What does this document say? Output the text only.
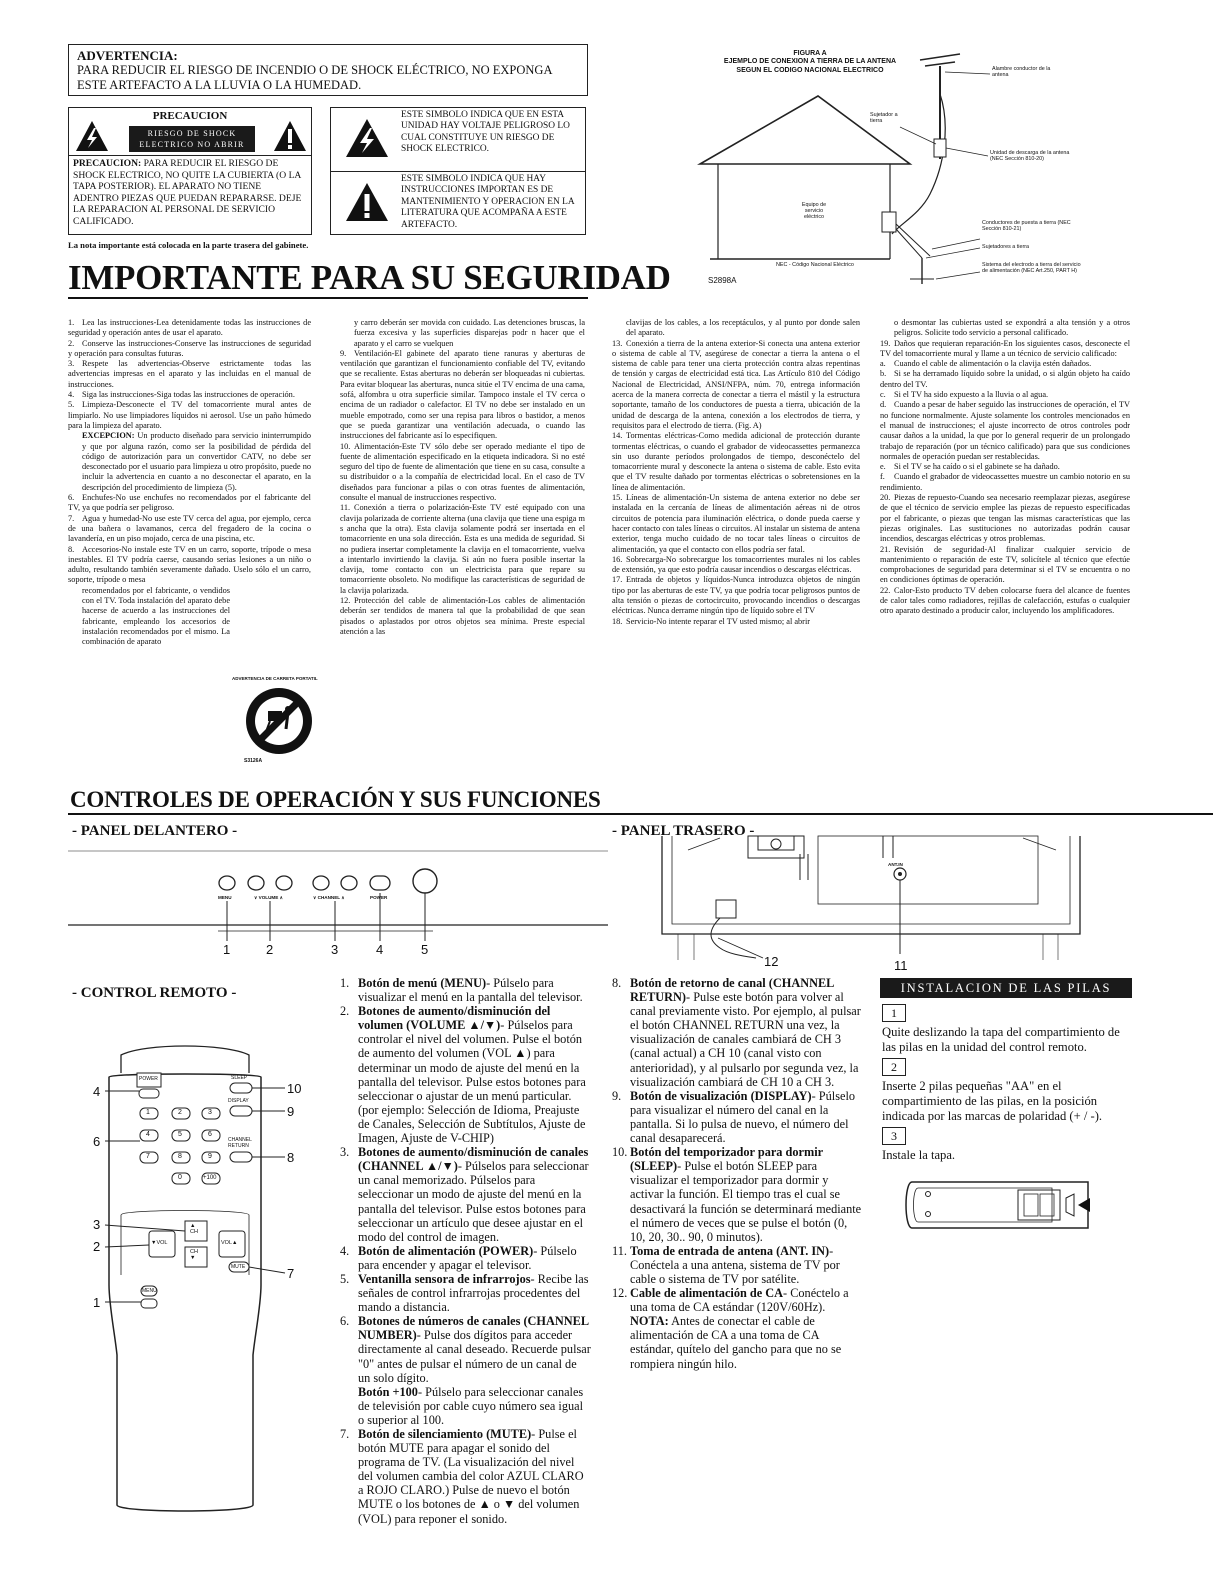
ADVERTENCIA:
PARA REDUCIR EL RIESGO DE INCENDIO O DE SHOCK ELÉCTRICO, NO EXPONGA
ESTE ARTEFACTO A LA LLUVIA O LA HUMEDAD.
PRECAUCION
RIESGO DE SHOCK
ELECTRICO NO ABRIR
PRECAUCION: PARA REDUCIR EL RIESGO DE SHOCK ELECTRICO, NO QUITE LA CUBIERTA (O LA TAPA POSTERIOR). EL APARATO NO TIENE ADENTRO PIEZAS QUE PUEDAN REPARARSE. DEJE LA REPARACION AL PERSONAL DE SERVICIO CALIFICADO.
ESTE SIMBOLO INDICA QUE EN ESTA UNIDAD HAY VOLTAJE PELIGROSO LO CUAL CONSTITUYE UN RIESGO DE SHOCK ELECTRICO.
ESTE SIMBOLO INDICA QUE HAY INSTRUCCIONES IMPORTAN ES DE MANTENIMIENTO Y OPERACION EN LA LITERATURA QUE ACOMPAÑA A ESTE ARTEFACTO.
La nota importante está colocada en la parte trasera del gabinete.
IMPORTANTE PARA SU SEGURIDAD
FIGURA A
EJEMPLO DE CONEXION A TIERRA DE LA ANTENA
SEGUN EL CODIGO NACIONAL ELECTRICO	Alambre conductor de la antena
Sujetador a tierra
Unidad de descarga de la antena (NEC Sección 810-20)
Equipo de servicio eléctrico
Conductores de puesta a tierra (NEC Sección 810-21)
Sujetadores a tierra
Sistema del electrodo a tierra del servicio de alimentación (NEC Art.250, PART H)
NEC - Código Nacional Eléctrico
S2898A

1. Lea las instrucciones-Lea detenidamente todas las instrucciones de seguridad y operación antes de usar el aparato.

2. Conserve las instrucciones-Conserve las instrucciones de seguridad y operación para consultas futuras.

3. Respete las advertencias-Observe estrictamente todas las advertencias impresas en el aparato y las incluidas en el manual de instrucciones.

4. Siga las instrucciones-Siga todas las instrucciones de operación.

5. Limpieza-Desconecte el TV del tomacorriente mural antes de limpiarlo. No use limpiadores líquidos ni aerosol. Use un paño húmedo para la limpieza del aparato.

EXCEPCION: Un producto diseñado para servicio ininterrumpido y que por alguna razón, como ser la posibilidad de pérdida del código de autorización para un convertidor CATV, no debe ser desconectado por el usuario para limpieza u otro propósito, puede no incluir la advertencia en cuanto a no desconectar el aparato, en la descripción del procedimiento de limpieza (5).

6. Enchufes-No use enchufes no recomendados por el fabricante del TV, ya que podría ser peligroso.

7. Agua y humedad-No use este TV cerca del agua, por ejemplo, cerca de una bañera o lavamanos, cerca del fregadero de la cocina o lavandería, en un piso mojado, cerca de una piscina, etc.

8. Accesorios-No instale este TV en un carro, soporte, trípode o mesa inestables. El TV podría caerse, causando serias lesiones a un niño o adulto, resultando también severamente dañado. Uselo sólo el un carro, soporte, trípode o mesa

recomendados por el fabricante, o vendidos con el TV. Toda instalación del aparato debe hacerse de acuerdo a las instrucciones del fabricante, empleando los accesorios de instalación recomendados por el mismo. La combinación de aparato

ADVERTENCIA DE CARRETA PORTATIL
S3126A

y carro deberán ser movida con cuidado. Las detenciones bruscas, la fuerza excesiva y las superficies disparejas podr n hacer que el aparato y el carro se vuelquen

9. Ventilación-El gabinete del aparato tiene ranuras y aberturas de ventilación que garantizan el funcionamiento confiable del TV, evitando que se recaliente. Estas aberturas no deberán ser bloqueadas ni cubiertas. Para evitar bloquear las aberturas, nunca sitúe el TV encima de una cama, sofá, alfombra u otra superficie similar. Tampoco instale el TV cerca o encima de un radiador o calefactor. El TV no debe ser instalado en un mueble empotrado, como ser una repisa para libros o bastidor, a menos que se pueda garantizar una ventilación adecuada, o cuando las instrucciones del fabricante así lo especifiquen.

10. Alimentación-Este TV sólo debe ser operado mediante el tipo de fuente de alimentación especificado en la etiqueta indicadora. Si no esté seguro del tipo de fuente de alimentación que tiene en su casa, consulte a su distribuidor o a la compañía de electricidad local. En el caso de TV diseñados para funcionar a pilas o con otras fuentes de alimentación, consulte el manual de instrucciones respectivo.

11. Conexión a tierra o polarización-Este TV esté equipado con una clavija polarizada de corriente alterna (una clavija que tiene una espiga m s ancha que la otra). Esta clavija solamente podrá ser insertada en el tomacorriente en una sola dirección. Esta es una medida de seguridad. Si no pudiera insertar completamente la clavija en el tomacorriente, vuelva a intentarlo invirtiendo la clavija. Si aún no fuera posible insertar la clavija, tome contacto con un electricista para que repare su tomacorriente obsoleto. No modifique las características de seguridad de la clavija polarizada.

12. Protección del cable de alimentación-Los cables de alimentación deberán ser tendidos de manera tal que la probabilidad de que sean pisados o aplastados por otros objetos sea mínima. Preste especial atención a las

clavijas de los cables, a los receptáculos, y al punto por donde salen del aparato.

13. Conexión a tierra de la antena exterior-Si conecta una antena exterior o sistema de cable al TV, asegúrese de conectar a tierra la antena o el sistema de cable para tener una cierta protección contra alzas repentinas de tensión y cargas de electricidad está tica. Las Artículo 810 del Código Nacional de Electricidad, ANSI/NFPA, núm. 70, entrega información acerca de la manera correcta de conectar a tierra el mástil y la estructura soportante, tamaño de los conductores de puesta a tierra, ubicación de la unidad de descarga de la antena, conexión a los electrodos de tierra, y requisitos para el electrodo de tierra. (Fig. A)

14. Tormentas eléctricas-Como medida adicional de protección durante tormentas eléctricas, o cuando el grabador de videocassettes permanezca sin uso durante períodos prolongados de tiempo, desconéctelo del tomacorriente mural y desconecte la antena o sistema de cable. Esto evita que el TV resulte dañado por tormentas eléctricas o sobretensiones en la línea de alimentación.

15. Líneas de alimentación-Un sistema de antena exterior no debe ser instalada en la cercanía de líneas de alimentación aéreas ni de otros circuitos de potencia para iluminación eléctrica, o donde pueda caerse y hacer contacto con tales líneas o circuitos. Al instalar un sistema de antena exterior, tenga mucho cuidado de no tocar tales líneas o circuitos de alimentación, ya que el contacto con ellos podría ser fatal.

16. Sobrecarga-No sobrecargue los tomacorrientes murales ni los cables de extensión, ya que esto podría causar incendios o descargas eléctricas.

17. Entrada de objetos y líquidos-Nunca introduzca objetos de ningún tipo por las aberturas de este TV, ya que podría tocar peligrosos puntos de alta tensión o piezas de cortocircuito, provocando incendios o descargas eléctricas. Nunca derrame ningún tipo de líquido sobre el TV

18. Servicio-No intente reparar el TV usted mismo; al abrir

o desmontar las cubiertas usted se expondrá a alta tensión y a otros peligros. Solicite todo servicio a personal calificado.

19. Daños que requieran reparación-En los siguientes casos, desconecte el TV del tomacorriente mural y llame a un técnico de servicio calificado:

a. Cuando el cable de alimentación o la clavija estén dañados.

b. Si se ha derramado líquido sobre la unidad, o si algún objeto ha caído dentro del TV.

c. Si el TV ha sido expuesto a la lluvia o al agua.

d. Cuando a pesar de haber seguido las instrucciones de operación, el TV no funcione normalmente. Ajuste solamente los controles mencionados en el manual de instrucciones; el ajuste incorrecto de otros controles podr causar daños a la unidad, la que por lo general requerir de un prolongado trabajo de reparación (por un técnico calificado) para que sus condiciones normales de operación puedan ser restablecidas.

e. Si el TV se ha caído o si el gabinete se ha dañado.

f. Cuando el grabador de videocassettes muestre un cambio notorio en su rendimiento.

20. Piezas de repuesto-Cuando sea necesario reemplazar piezas, asegúrese de que el técnico de servicio emplee las piezas de repuesto especificadas por el fabricante, o piezas que tengan las mismas características que las piezas originales. Las sustituciones no autorizadas podrán causar incendios, descargas eléctricas y otros problemas.

21. Revisión de seguridad-Al finalizar cualquier servicio de mantenimiento o reparación de este TV, solicítele al técnico que efectúe comprobaciones de seguridad para determinar si el TV se encuentra o no en condiciones óptimas de operación.

22. Calor-Esto producto TV deben colocarse fuera del alcance de fuentes de calor tales como radiadores, rejillas de calefacción, estufas o cualquier otro aparato destinado a producir calor, incluyendo los amplificadores.

CONTROLES DE OPERACIÓN Y SUS FUNCIONES
- PANEL DELANTERO -	- PANEL TRASERO -
MENU	∨ VOLUME ∧	∨ CHANNEL ∧	POWER
1	2	3	4	5
ANT.IN
11
12
- CONTROL REMOTO -
POWER	SLEEP
DISPLAY
CHANNEL RETURN
1	2	3
4	5	6
7	8	9
0	+100
▲
CH
CH
▼
▼VOL	VOL▲
MUTE
MENU
4	10
9
6
8
3
2
7
1
1. Botón de menú (MENU)- Púlselo para visualizar el menú en la pantalla del televisor.
2. Botones de aumento/disminución del volumen (VOLUME ▲/▼)- Púlselos para controlar el nivel del volumen. Pulse el botón de aumento del volumen (VOL ▲) para determinar un modo de ajuste del menú en la pantalla del televisor. Pulse estos botones para seleccionar o ajustar de un menú particular. (por ejemplo: Selección de Idioma, Preajuste de Canales, Selección de Subtítulos, Ajuste de Imagen, Ajuste de V-CHIP)
3. Botones de aumento/disminución de canales (CHANNEL ▲/▼)- Púlselos para seleccionar un canal memorizado. Púlselos para seleccionar un modo de ajuste del menú en la pantalla del televisor. Pulse estos botones para seleccionar un artículo que desee ajustar en el modo del control de imagen.
4. Botón de alimentación (POWER)- Púlselo para encender y apagar el televisor.
5. Ventanilla sensora de infrarrojos- Recibe las señales de control infrarrojas procedentes del mando a distancia.
6. Botones de números de canales (CHANNEL NUMBER)- Pulse dos dígitos para acceder directamente al canal deseado. Recuerde pulsar "0" antes de pulsar el número de un canal de un solo dígito.
Botón +100- Púlselo para seleccionar canales de televisión por cable cuyo número sea igual o superior al 100.
7. Botón de silenciamiento (MUTE)- Pulse el botón MUTE para apagar el sonido del programa de TV. (La visualización del nivel del volumen cambia del color AZUL CLARO a ROJO CLARO.) Pulse de nuevo el botón MUTE o los botones de ▲ o ▼ del volumen (VOL) para reponer el sonido.
8. Botón de retorno de canal (CHANNEL RETURN)- Pulse este botón para volver al canal previamente visto. Por ejemplo, al pulsar el botón CHANNEL RETURN una vez, la visualización de canales cambiará de CH 3 (canal actual) a CH 10 (canal visto con anterioridad), y al pulsarlo por segunda vez, la visualización cambiará de CH 10 a CH 3.
9. Botón de visualización (DISPLAY)- Púlselo para visualizar el número del canal en la pantalla. Si lo pulsa de nuevo, el número del canal desaparecerá.
10. Botón del temporizador para dormir (SLEEP)- Pulse el botón SLEEP para visualizar el temporizador para dormir y activar la función. El tiempo tras el cual se desactivará la función se determinará mediante el número de veces que se pulse el botón (0, 10, 20, 30.. 90, 0 minutos).
11. Toma de entrada de antena (ANT. IN)- Conéctela a una antena, sistema de TV por cable o sistema de TV por satélite.
12. Cable de alimentación de CA- Conéctelo a una toma de CA estándar (120V/60Hz).
NOTA: Antes de conectar el cable de alimentación de CA a una toma de CA estándar, quítelo del gancho para que no se rompiera ningún hilo.
INSTALACION DE LAS PILAS
1
Quite deslizando la tapa del compartimiento de las pilas en la unidad del control remoto.
2
Inserte 2 pilas pequeñas "AA" en el compartimiento de las pilas, en la posición indicada por las marcas de polaridad (+ / -).
3
Instale la tapa.
